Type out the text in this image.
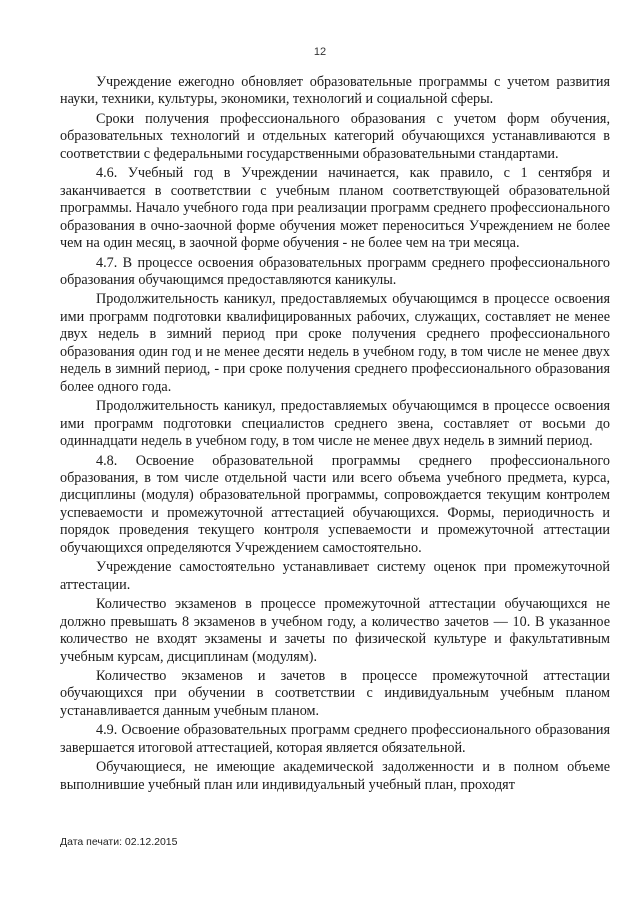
12

Учреждение ежегодно обновляет образовательные программы с учетом развития науки, техники, культуры, экономики, технологий и социальной сферы.

Сроки получения профессионального образования с учетом форм обучения, образовательных технологий и отдельных категорий обучающихся устанавливаются в соответствии с федеральными государственными образовательными стандартами.

4.6. Учебный год в Учреждении начинается, как правило, с 1 сентября и заканчивается в соответствии с учебным планом соответствующей образовательной программы. Начало учебного года при реализации программ среднего профессионального образования в очно-заочной форме обучения может переноситься Учреждением не более чем на один месяц, в заочной форме обучения - не более чем на три месяца.

4.7. В процессе освоения образовательных программ среднего профессионального образования обучающимся предоставляются каникулы.

Продолжительность каникул, предоставляемых обучающимся в процессе освоения ими программ подготовки квалифицированных рабочих, служащих, составляет не менее двух недель в зимний период при сроке получения среднего профессионального образования один год и не менее десяти недель в учебном году, в том числе не менее двух недель в зимний период, - при сроке получения среднего профессионального образования более одного года.

Продолжительность каникул, предоставляемых обучающимся в процессе освоения ими программ подготовки специалистов среднего звена, составляет от восьми до одиннадцати недель в учебном году, в том числе не менее двух недель в зимний период.

4.8. Освоение образовательной программы среднего профессионального образования, в том числе отдельной части или всего объема учебного предмета, курса, дисциплины (модуля) образовательной программы, сопровождается текущим контролем успеваемости и промежуточной аттестацией обучающихся. Формы, периодичность и порядок проведения текущего контроля успеваемости и промежуточной аттестации обучающихся определяются Учреждением самостоятельно.

Учреждение самостоятельно устанавливает систему оценок при промежуточной аттестации.

Количество экзаменов в процессе промежуточной аттестации обучающихся не должно превышать 8 экзаменов в учебном году, а количество зачетов — 10. В указанное количество не входят экзамены и зачеты по физической культуре и факультативным учебным курсам, дисциплинам (модулям).

Количество экзаменов и зачетов в процессе промежуточной аттестации обучающихся при обучении в соответствии с индивидуальным учебным планом устанавливается данным учебным планом.

4.9. Освоение образовательных программ среднего профессионального образования завершается итоговой аттестацией, которая является обязательной.

Обучающиеся, не имеющие академической задолженности и в полном объеме выполнившие учебный план или индивидуальный учебный план, проходят

Дата печати: 02.12.2015
